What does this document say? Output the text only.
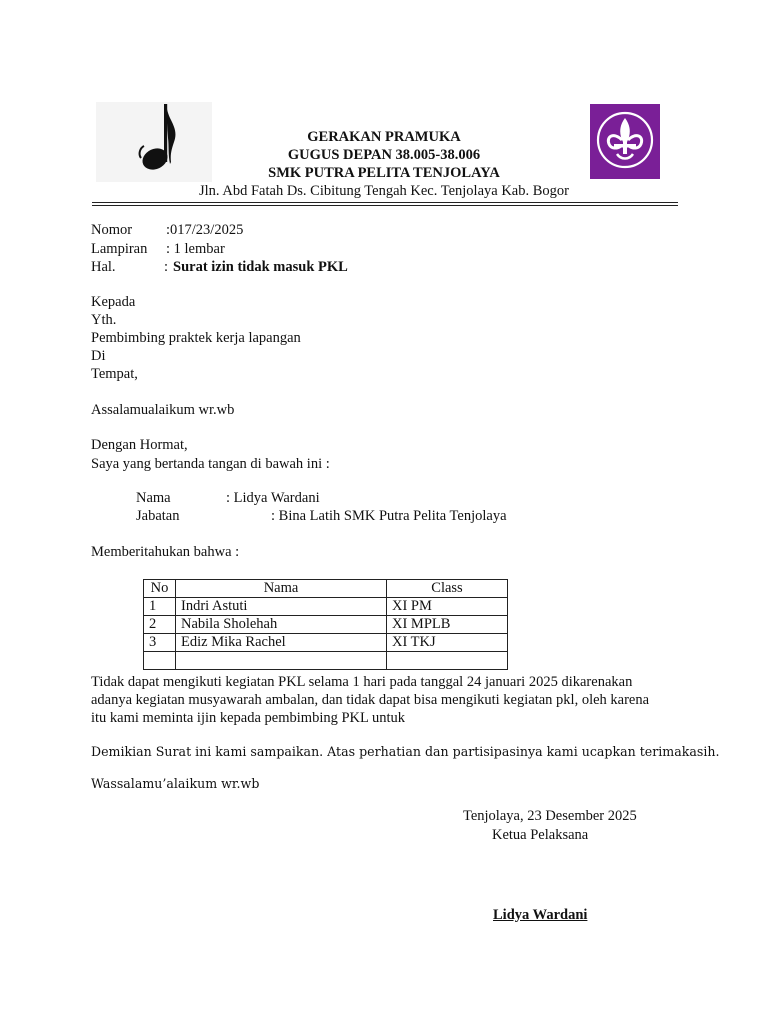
GERAKAN PRAMUKA
GUGUS DEPAN 38.005-38.006
SMK PUTRA PELITA TENJOLAYA
Jln. Abd Fatah Ds. Cibitung Tengah Kec. Tenjolaya Kab. Bogor
Nomor :017/23/2025
Lampiran : 1 lembar
Hal.	: Surat izin tidak masuk PKL
Kepada
Yth.
Pembimbing praktek kerja lapangan
Di
Tempat,
Assalamualaikum wr.wb
Dengan Hormat,
Saya yang bertanda tangan di bawah ini :
Nama	: Lidya Wardani
Jabatan	: Bina Latih SMK Putra Pelita Tenjolaya
Memberitahukan bahwa :
No	Nama	Class
1	Indri Astuti	XI PM
2	Nabila Sholehah	XI MPLB
3	Ediz Mika Rachel	XI TKJ

Tidak dapat mengikuti kegiatan PKL selama 1 hari pada tanggal 24 januari 2025 dikarenakan
adanya kegiatan musyawarah ambalan, dan tidak dapat bisa mengikuti kegiatan pkl, oleh karena
itu kami meminta ijin kepada pembimbing PKL untuk
Demikian Surat ini kami sampaikan. Atas perhatian dan partisipasinya kami ucapkan terimakasih.
Wassalamu’alaikum wr.wb
Tenjolaya, 23 Desember 2025
Ketua Pelaksana
Lidya Wardani
